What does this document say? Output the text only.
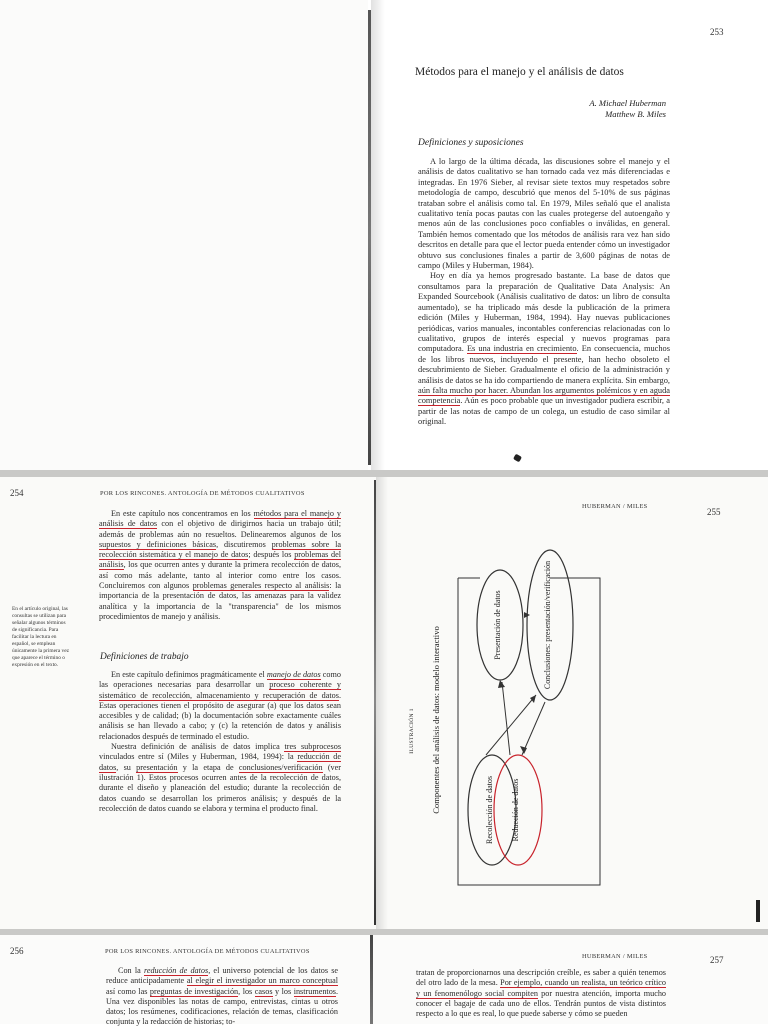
253
Métodos para el manejo y el análisis de datos
A. Michael Huberman
Matthew B. Miles
Definiciones y suposiciones

A lo largo de la última década, las discusiones sobre el manejo y el análisis de datos cualitativo se han tornado cada vez más diferenciadas e integradas. En 1976 Sieber, al revisar siete textos muy respetados sobre metodología de campo, descubrió que menos del 5-10% de sus páginas trataban sobre el análisis como tal. En 1979, Miles señaló que el analista cualitativo tenía pocas pautas con las cuales protegerse del autoengaño y menos aún de las conclusiones poco confiables o inválidas, en general. También hemos comentado que los métodos de análisis rara vez han sido descritos en detalle para que el lector pueda entender cómo un investigador obtuvo sus conclusiones finales a partir de 3,600 páginas de notas de campo (Miles y Huberman, 1984).

Hoy en día ya hemos progresado bastante. La base de datos que consultamos para la preparación de Qualitative Data Analysis: An Expanded Sourcebook (Análisis cualitativo de datos: un libro de consulta aumentado), se ha triplicado más desde la publicación de la primera edición (Miles y Huberman, 1984, 1994). Hay nuevas publicaciones periódicas, varios manuales, incontables conferencias relacionadas con lo cualitativo, grupos de interés especial y nuevos programas para computadora. Es una industria en crecimiento. En consecuencia, muchos de los libros nuevos, incluyendo el presente, han hecho obsoleto el descubrimiento de Sieber. Gradualmente el oficio de la administración y análisis de datos se ha ido compartiendo de manera explícita. Sin embargo, aún falta mucho por hacer. Abundan los argumentos polémicos y en aguda competencia. Aún es poco probable que un investigador pudiera escribir, a partir de las notas de campo de un colega, un estudio de caso similar al original.

254	POR LOS RINCONES. ANTOLOGÍA DE MÉTODOS CUALITATIVOS

En este capítulo nos concentramos en los métodos para el manejo y análisis de datos con el objetivo de dirigirnos hacia un trabajo útil; además de problemas aún no resueltos. Delinearemos algunos de los supuestos y definiciones básicas, discutiremos problemas sobre la recolección sistemática y el manejo de datos; después los problemas del análisis, los que ocurren antes y durante la primera recolección de datos, así como más adelante, tanto al interior como entre los casos. Concluiremos con algunos problemas generales respecto al análisis: la importancia de la presentación de datos, las amenazas para la validez analítica y la importancia de la "transparencia" de los mismos procedimientos de manejo y análisis.

En el artículo original, las consultas se utilizan para señalar algunos términos de significancia. Para facilitar la lectura en español, se emplean únicamente la primera vez que aparece el término o expresión en el texto.
Definiciones de trabajo

En este capítulo definimos pragmáticamente el manejo de datos como las operaciones necesarias para desarrollar un proceso coherente y sistemático de recolección, almacenamiento y recuperación de datos. Estas operaciones tienen el propósito de asegurar (a) que los datos sean accesibles y de calidad; (b) la documentación sobre exactamente cuáles análisis se han llevado a cabo; y (c) la retención de datos y análisis relacionados después de terminado el estudio.

Nuestra definición de análisis de datos implica tres subprocesos vinculados entre sí (Miles y Huberman, 1984, 1994): la reducción de datos, su presentación y la etapa de conclusiones/verificación (ver ilustración 1). Estos procesos ocurren antes de la recolección de datos, durante el diseño y planeación del estudio; durante la recolección de datos cuando se desarrollan los primeros análisis; y después de la recolección de datos cuando se elabora y termina el producto final.

HUBERMAN / MILES
255
ILUSTRACIÓN 1 Componentes del análisis de datos: modelo interactivo
Presentación de datos	Conclusiones: presentación/verificación
Recolección de datos Reducción de datos
256	POR LOS RINCONES. ANTOLOGÍA DE MÉTODOS CUALITATIVOS

Con la reducción de datos, el universo potencial de los datos se reduce anticipadamente al elegir el investigador un marco conceptual así como las preguntas de investigación, los casos y los instrumentos. Una vez disponibles las notas de campo, entrevistas, cintas u otros datos; los resúmenes, codificaciones, relación de temas, clasificación conjunta y la redacción de historias; to-

HUBERMAN / MILES	257

tratan de proporcionarnos una descripción creíble, es saber a quién tenemos del otro lado de la mesa. Por ejemplo, cuando un realista, un teórico crítico y un fenomenólogo social compiten por nuestra atención, importa mucho conocer el bagaje de cada uno de ellos. Tendrán puntos de vista distintos respecto a lo que es real, lo que puede saberse y cómo se pueden
